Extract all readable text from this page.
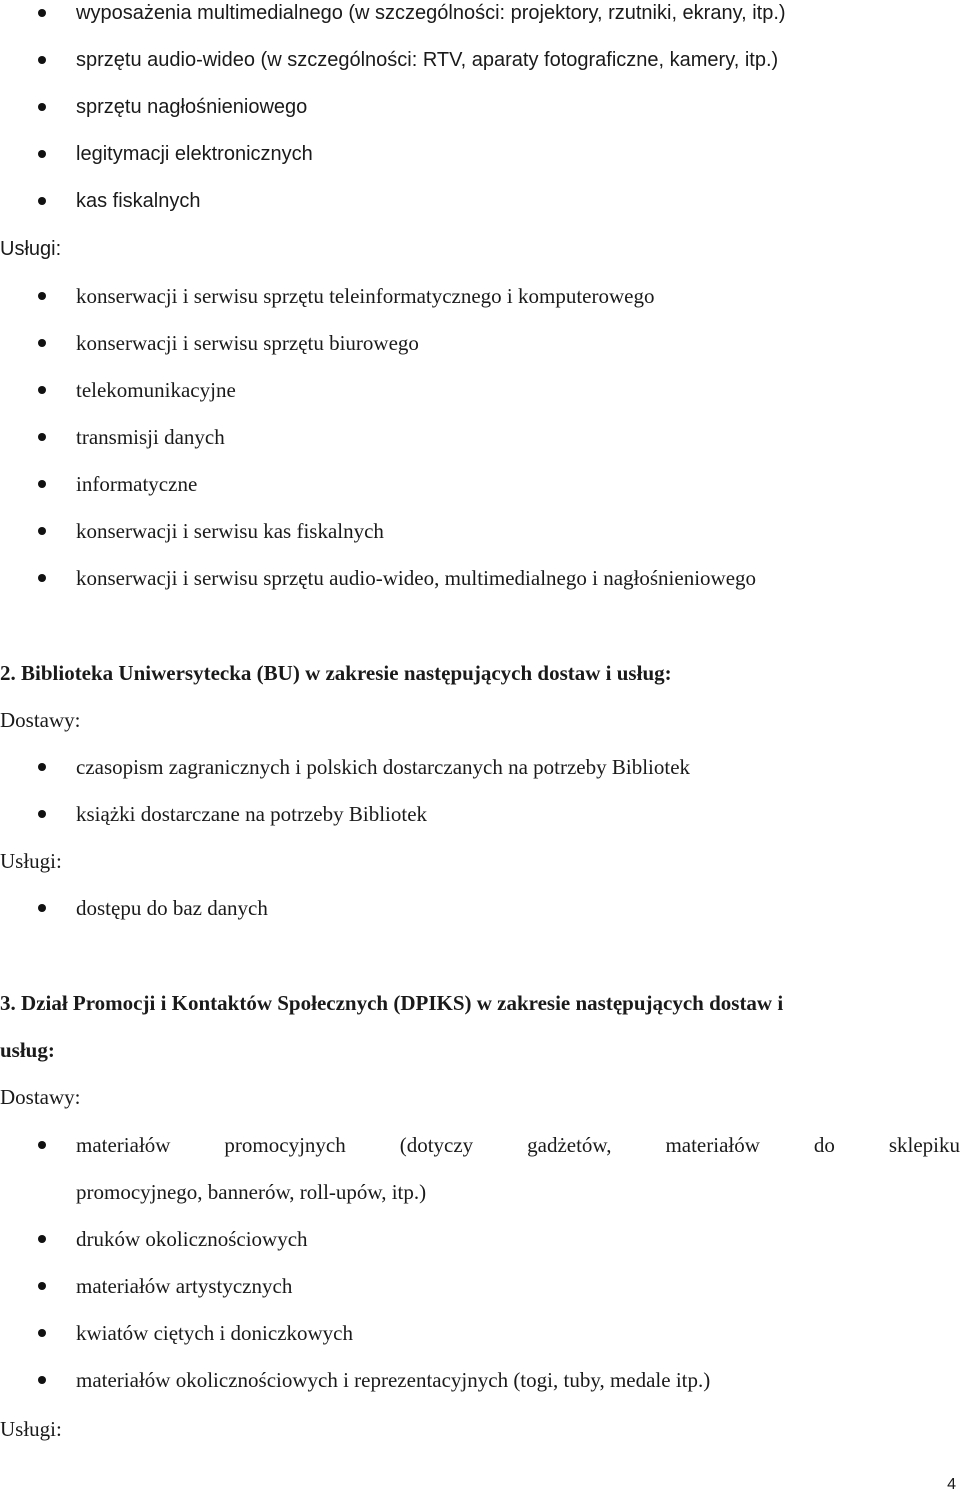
wyposażenia multimedialnego (w szczególności: projektory, rzutniki, ekrany, itp.)
sprzętu audio-wideo (w szczególności: RTV, aparaty fotograficzne, kamery, itp.)
sprzętu nagłośnieniowego
legitymacji elektronicznych
kas fiskalnych
Usługi:
konserwacji i serwisu sprzętu teleinformatycznego i komputerowego
konserwacji i serwisu sprzętu biurowego
telekomunikacyjne
transmisji danych
informatyczne
konserwacji i serwisu kas fiskalnych
konserwacji i serwisu sprzętu audio-wideo, multimedialnego i nagłośnieniowego
2. Biblioteka Uniwersytecka (BU) w zakresie następujących dostaw i usług:
Dostawy:
czasopism zagranicznych i polskich dostarczanych na potrzeby Bibliotek
książki dostarczane na potrzeby Bibliotek
Usługi:
dostępu do baz danych
3. Dział Promocji i Kontaktów Społecznych (DPIKS) w zakresie następujących dostaw i
usług:
Dostawy:
materiałów promocyjnych (dotyczy gadżetów, materiałów do sklepiku
promocyjnego, bannerów, roll-upów, itp.)
druków okolicznościowych
materiałów artystycznych
kwiatów ciętych i doniczkowych
materiałów okolicznościowych i reprezentacyjnych (togi, tuby, medale itp.)
Usługi:
4
